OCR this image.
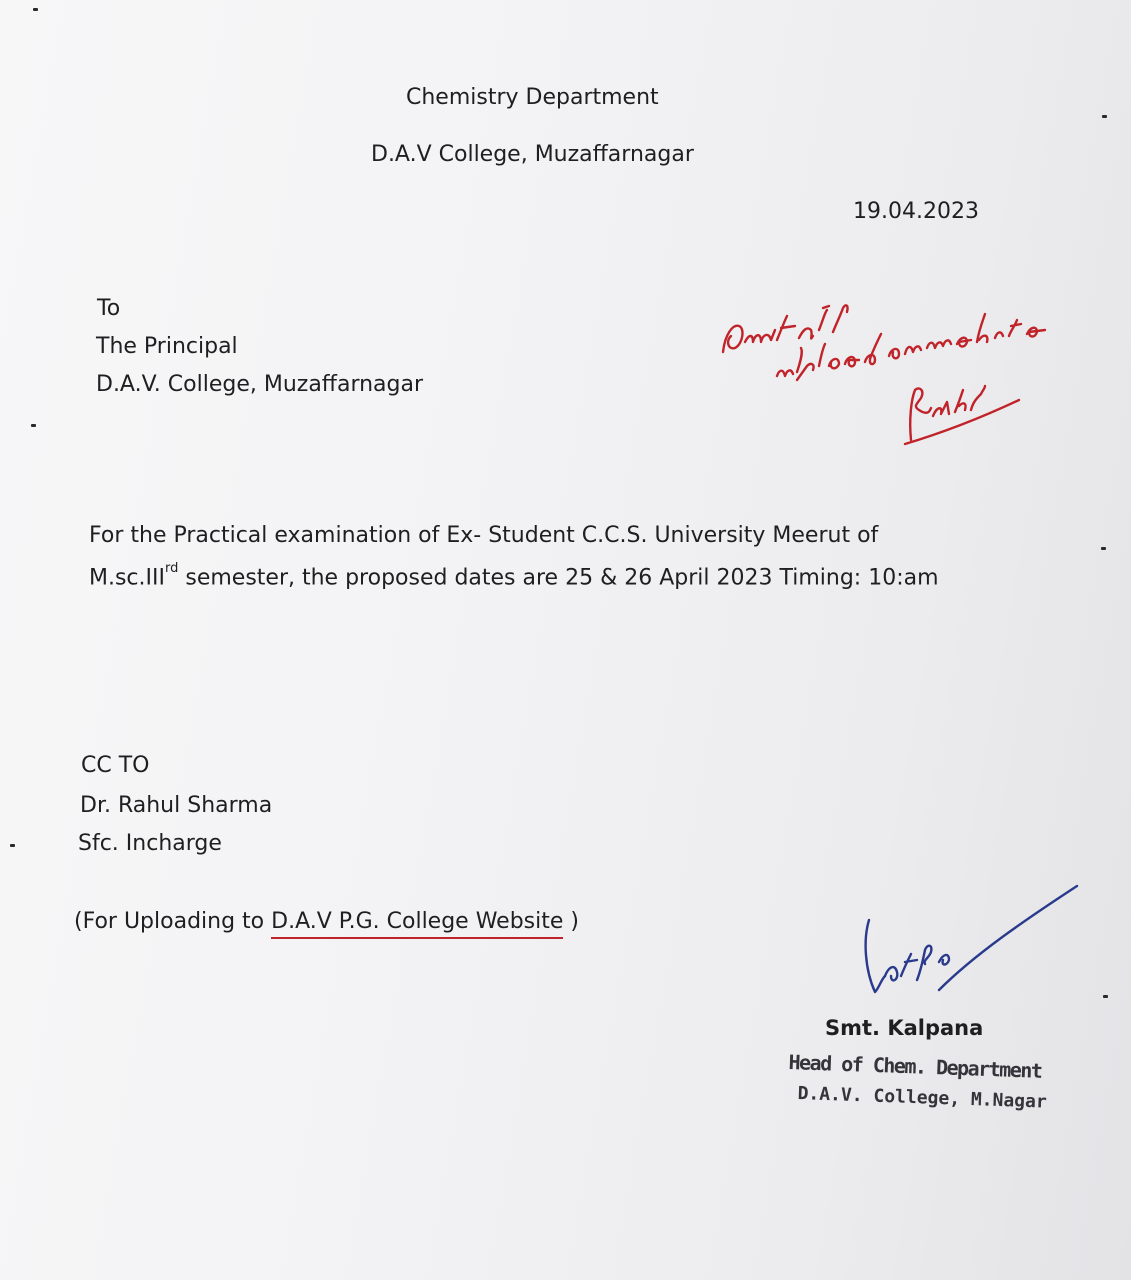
Chemistry Department
D.A.V College, Muzaffarnagar
19.04.2023
To
The Principal
D.A.V. College, Muzaffarnagar
For the Practical examination of Ex- Student C.C.S. University Meerut of
M.sc.IIIrd semester, the proposed dates are 25 & 26 April 2023 Timing: 10:am
CC TO
Dr. Rahul Sharma
Sfc. Incharge
(For Uploading to D.A.V P.G. College Website )
Smt. Kalpana
Head of Chem. Department
D.A.V. College, M.Nagar
